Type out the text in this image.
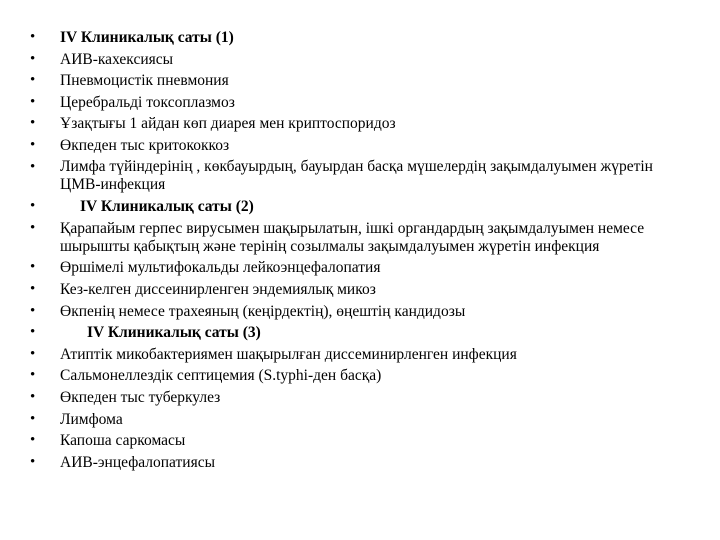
•	IV Клиникалық саты (1)
•	АИВ-кахексиясы
•	Пневмоцистік пневмония
•	Церебральді токсоплазмоз
•	Ұзақтығы 1 айдан көп диарея мен криптоспоридоз
•	Өкпеден тыс критококкоз
•	Лимфа түйіндерінің , көкбауырдың, бауырдан басқа мүшелердің зақымдалуымен жүретін ЦМВ-инфекция
•	IV Клиникалық саты (2)
•	Қарапайым герпес вирусымен шақырылатын, ішкі органдардың зақымдалуымен немесе шырышты қабықтың және терінің созылмалы зақымдалуымен жүретін инфекция
•	Өршімелі мультифокальды лейкоэнцефалопатия
•	Кез-келген диссеинирленген эндемиялық микоз
•	Өкпенің немесе трахеяның (кеңірдектің), өңештің кандидозы
•	IV Клиникалық саты (3)
•	Атиптік микобактериямен шақырылған диссеминирленген инфекция
•	Сальмонеллездік септицемия (S.typhi-ден басқа)
•	Өкпеден тыс туберкулез
•	Лимфома
•	Капоша саркомасы
•	АИВ-энцефалопатиясы
